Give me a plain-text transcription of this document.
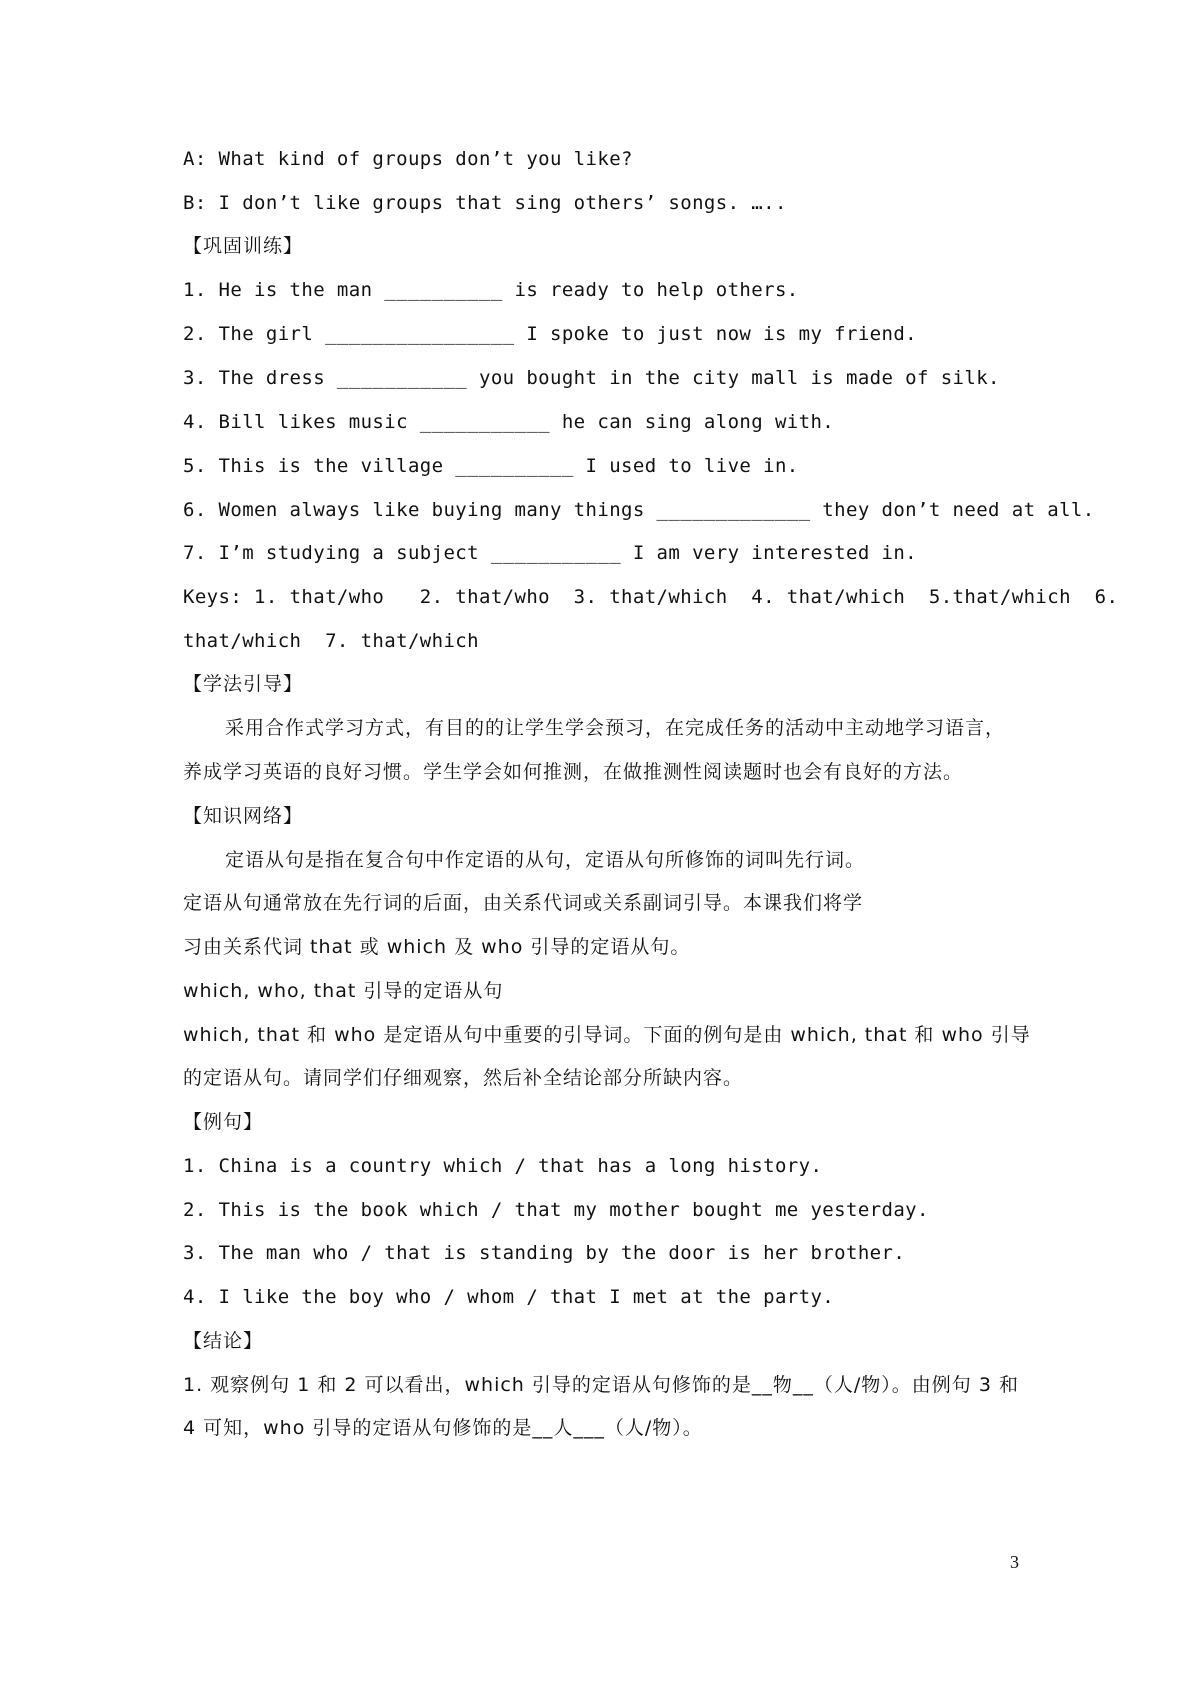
A: What kind of groups don’t you like?
B: I don’t like groups that sing others’ songs. …..
【巩固训练】
1. He is the man __________ is ready to help others.
2. The girl ________________ I spoke to just now is my friend.
3. The dress ___________ you bought in the city mall is made of silk.
4. Bill likes music ___________ he can sing along with.
5. This is the village __________ I used to live in.
6. Women always like buying many things _____________ they don’t need at all.
7. I’m studying a subject ___________ I am very interested in.
Keys: 1. that/who   2. that/who  3. that/which  4. that/which  5.that/which  6.
that/which  7. that/which
【学法引导】
采用合作式学习方式，有目的的让学生学会预习，在完成任务的活动中主动地学习语言，
养成学习英语的良好习惯。学生学会如何推测，在做推测性阅读题时也会有良好的方法。
【知识网络】
定语从句是指在复合句中作定语的从句，定语从句所修饰的词叫先行词。
定语从句通常放在先行词的后面，由关系代词或关系副词引导。本课我们将学
习由关系代词 that 或 which 及 who 引导的定语从句。
which, who, that 引导的定语从句
which, that 和 who 是定语从句中重要的引导词。下面的例句是由 which, that 和 who 引导
的定语从句。请同学们仔细观察，然后补全结论部分所缺内容。
【例句】
1. China is a country which / that has a long history.
2. This is the book which / that my mother bought me yesterday.
3. The man who / that is standing by the door is her brother.
4. I like the boy who / whom / that I met at the party.
【结论】
1. 观察例句 1 和 2 可以看出，which 引导的定语从句修饰的是__物__（人/物）。由例句 3 和
4 可知，who 引导的定语从句修饰的是__人___（人/物）。
3
